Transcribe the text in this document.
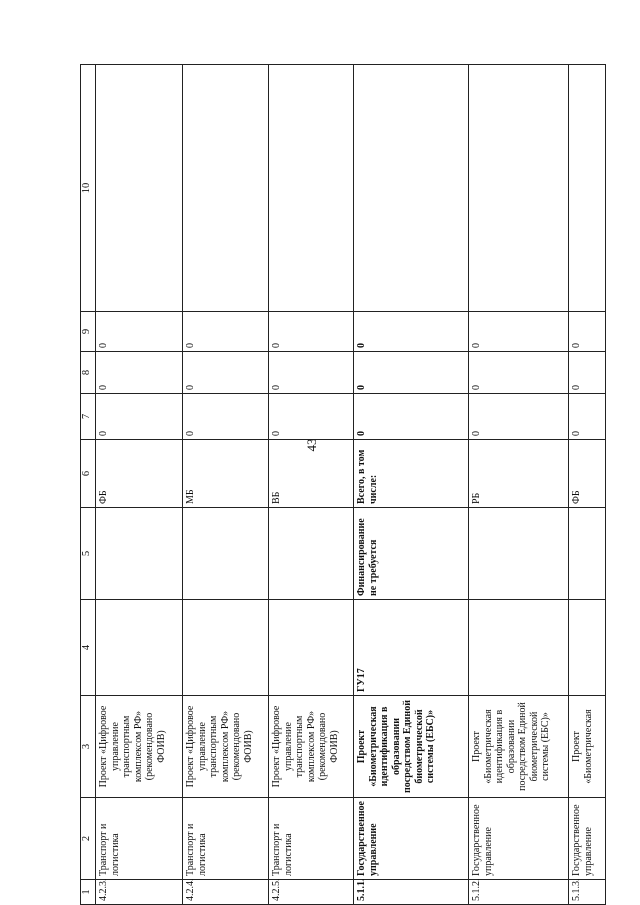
43
1	2	3	4	5	6	7	8	9	10
4.2.3.	Транспорт и логистика	Проект «Цифровое управление транспортным комплексом РФ» (рекомендовано ФОИВ)			ФБ	0	0	0	
4.2.4.	Транспорт и логистика	Проект «Цифровое управление транспортным комплексом РФ» (рекомендовано ФОИВ)			МБ	0	0	0	
4.2.5.	Транспорт и логистика	Проект «Цифровое управление транспортным комплексом РФ» (рекомендовано ФОИВ)			ВБ	0	0	0	
5.1.1.	Государственное управление	Проект «Биометрическая идентификация в образовании посредством Единой биометрической системы (ЕБС)»	ГУ17	Финансирование не требуется	Всего, в том числе:	0	0	0	
5.1.2.	Государственное управление	Проект «Биометрическая идентификация в образовании посредством Единой биометрической системы (ЕБС)»			РБ	0	0	0	
5.1.3.	Государственное управление	Проект «Биометрическая			ФБ	0	0	0	
